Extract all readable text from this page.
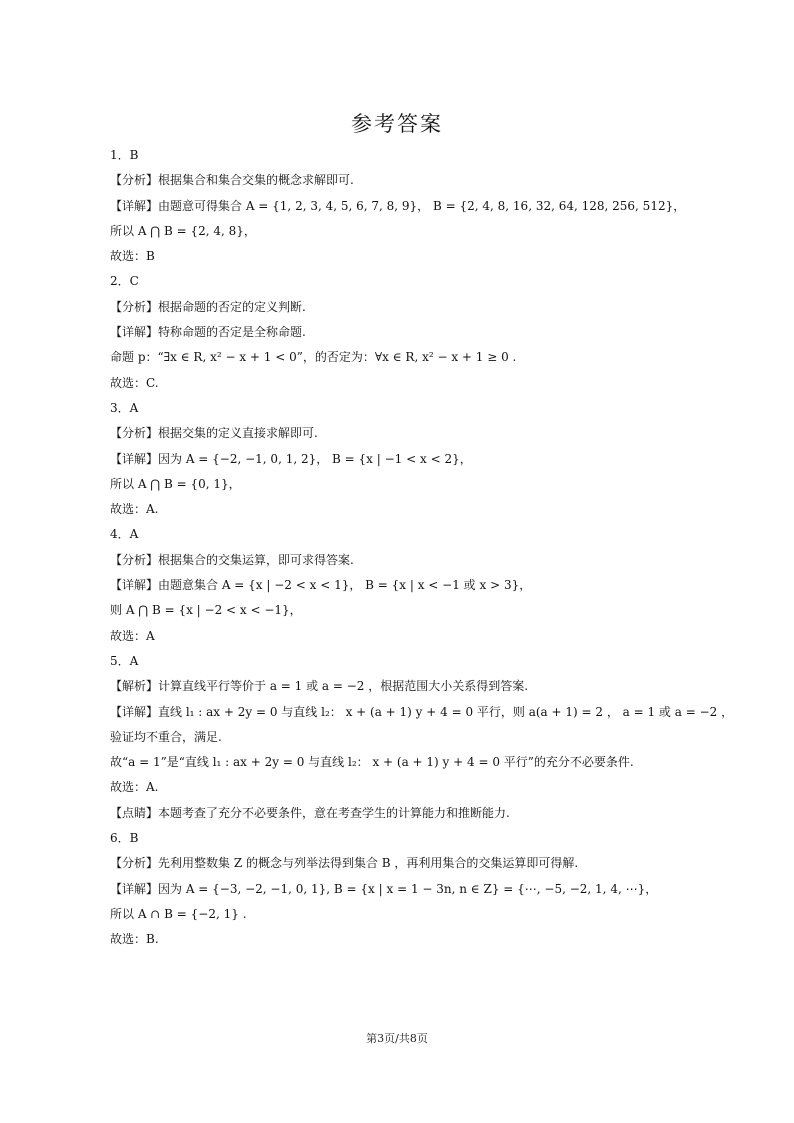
参考答案
1．B
【分析】根据集合和集合交集的概念求解即可.
【详解】由题意可得集合 A = {1, 2, 3, 4, 5, 6, 7, 8, 9}， B = {2, 4, 8, 16, 32, 64, 128, 256, 512}，
所以 A ⋂ B = {2, 4, 8}，
故选：B
2．C
【分析】根据命题的否定的定义判断.
【详解】特称命题的否定是全称命题.
命题 p：“∃x ∈ R, x² − x + 1 < 0”，的否定为：∀x ∈ R, x² − x + 1 ≥ 0 .
故选：C.
3．A
【分析】根据交集的定义直接求解即可.
【详解】因为 A = {−2, −1, 0, 1, 2}， B = {x | −1 < x < 2}，
所以 A ⋂ B = {0, 1}，
故选：A.
4．A
【分析】根据集合的交集运算，即可求得答案.
【详解】由题意集合 A = {x | −2 < x < 1}， B = {x | x < −1 或 x > 3}，
则 A ⋂ B = {x | −2 < x < −1}，
故选：A
5．A
【解析】计算直线平行等价于 a = 1 或 a = −2 ，根据范围大小关系得到答案.
【详解】直线 l₁ : ax + 2y = 0 与直线 l₂： x + (a + 1) y + 4 = 0 平行，则 a(a + 1) = 2 ， a = 1 或 a = −2 ，
验证均不重合，满足.
故“a = 1”是“直线 l₁ : ax + 2y = 0 与直线 l₂： x + (a + 1) y + 4 = 0 平行”的充分不必要条件.
故选：A.
【点睛】本题考查了充分不必要条件，意在考查学生的计算能力和推断能力.
6．B
【分析】先利用整数集 Z 的概念与列举法得到集合 B ，再利用集合的交集运算即可得解.
【详解】因为 A = {−3, −2, −1, 0, 1}, B = {x | x = 1 − 3n, n ∈ Z} = {⋯, −5, −2, 1, 4, ⋯}，
所以 A ∩ B = {−2, 1} .
故选：B.
第3页/共8页
